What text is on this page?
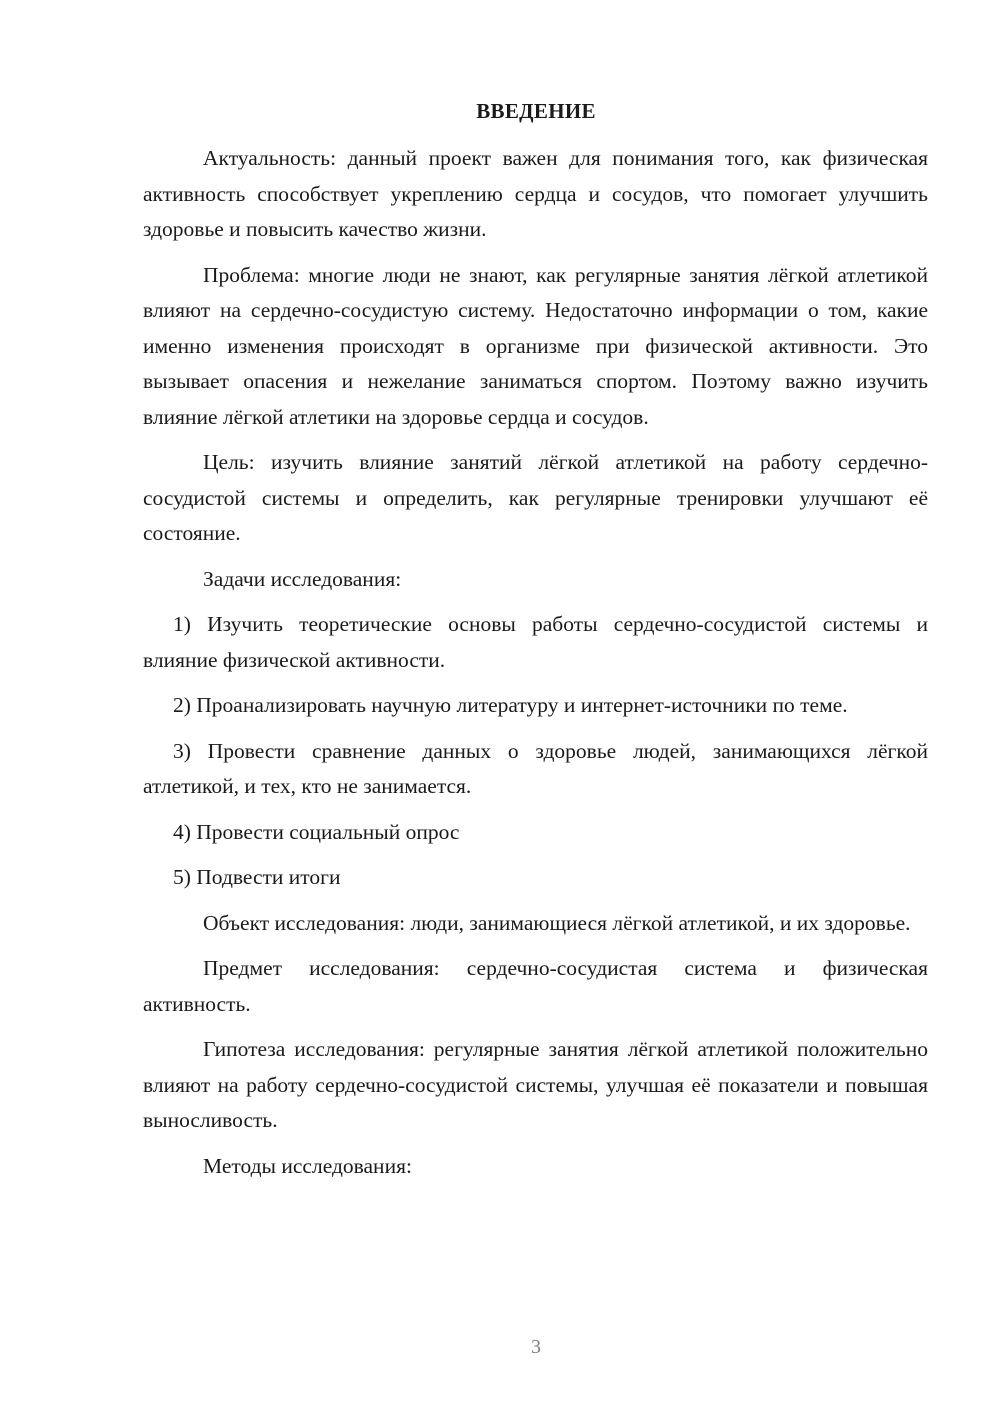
ВВЕДЕНИЕ

Актуальность: данный проект важен для понимания того, как физическая активность способствует укреплению сердца и сосудов, что помогает улучшить здоровье и повысить качество жизни.

Проблема: многие люди не знают, как регулярные занятия лёгкой атлетикой влияют на сердечно-сосудистую систему. Недостаточно информации о том, какие именно изменения происходят в организме при физической активности. Это вызывает опасения и нежелание заниматься спортом. Поэтому важно изучить влияние лёгкой атлетики на здоровье сердца и сосудов.

Цель: изучить влияние занятий лёгкой атлетикой на работу сердечно-сосудистой системы и определить, как регулярные тренировки улучшают её состояние.

Задачи исследования:

1) Изучить теоретические основы работы сердечно-сосудистой системы и влияние физической активности.

2) Проанализировать научную литературу и интернет-источники по теме.

3) Провести сравнение данных о здоровье людей, занимающихся лёгкой атлетикой, и тех, кто не занимается.

4) Провести социальный опрос

5) Подвести итоги

Объект исследования: люди, занимающиеся лёгкой атлетикой, и их здоровье.

Предмет исследования: сердечно-сосудистая система и физическая активность.

Гипотеза исследования: регулярные занятия лёгкой атлетикой положительно влияют на работу сердечно-сосудистой системы, улучшая её показатели и повышая выносливость.

Методы исследования:

3
